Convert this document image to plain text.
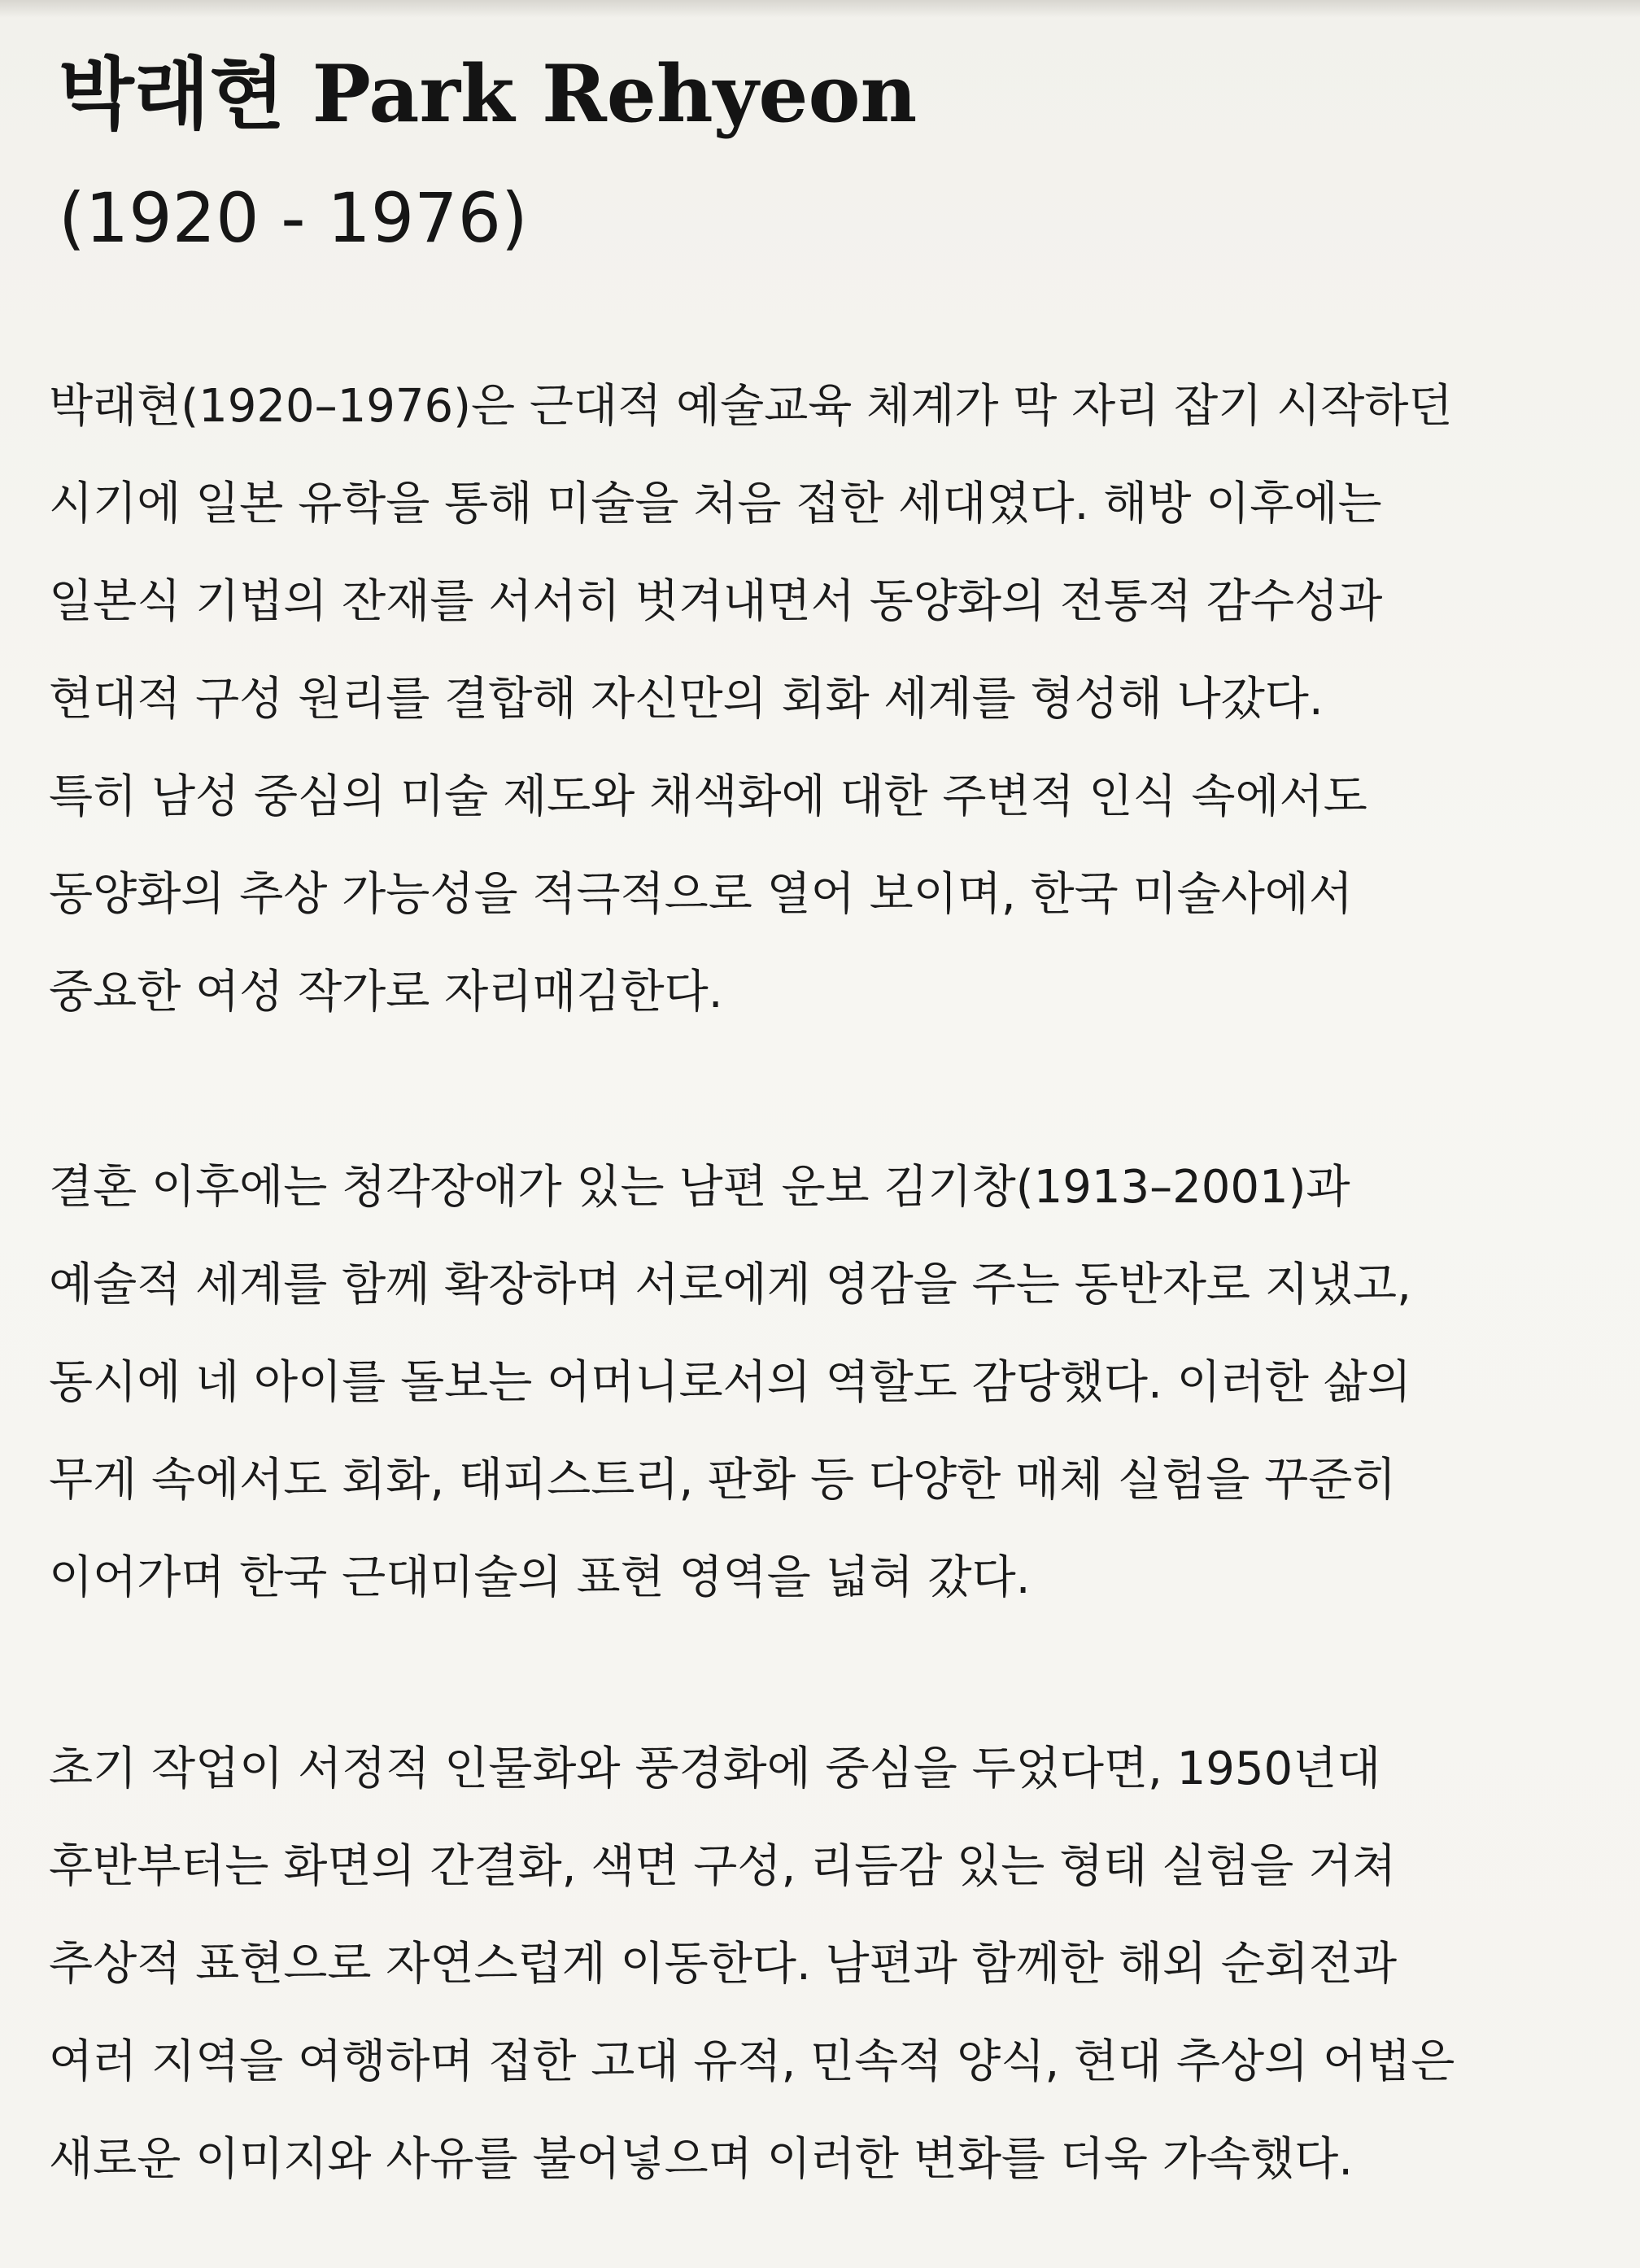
박래현 Park Rehyeon
(1920 - 1976)
박래현(1920–1976)은 근대적 예술교육 체계가 막 자리 잡기 시작하던
시기에 일본 유학을 통해 미술을 처음 접한 세대였다. 해방 이후에는
일본식 기법의 잔재를 서서히 벗겨내면서 동양화의 전통적 감수성과
현대적 구성 원리를 결합해 자신만의 회화 세계를 형성해 나갔다.
특히 남성 중심의 미술 제도와 채색화에 대한 주변적 인식 속에서도
동양화의 추상 가능성을 적극적으로 열어 보이며, 한국 미술사에서
중요한 여성 작가로 자리매김한다.
결혼 이후에는 청각장애가 있는 남편 운보 김기창(1913–2001)과
예술적 세계를 함께 확장하며 서로에게 영감을 주는 동반자로 지냈고,
동시에 네 아이를 돌보는 어머니로서의 역할도 감당했다. 이러한 삶의
무게 속에서도 회화, 태피스트리, 판화 등 다양한 매체 실험을 꾸준히
이어가며 한국 근대미술의 표현 영역을 넓혀 갔다.
초기 작업이 서정적 인물화와 풍경화에 중심을 두었다면, 1950년대
후반부터는 화면의 간결화, 색면 구성, 리듬감 있는 형태 실험을 거쳐
추상적 표현으로 자연스럽게 이동한다. 남편과 함께한 해외 순회전과
여러 지역을 여행하며 접한 고대 유적, 민속적 양식, 현대 추상의 어법은
새로운 이미지와 사유를 불어넣으며 이러한 변화를 더욱 가속했다.
